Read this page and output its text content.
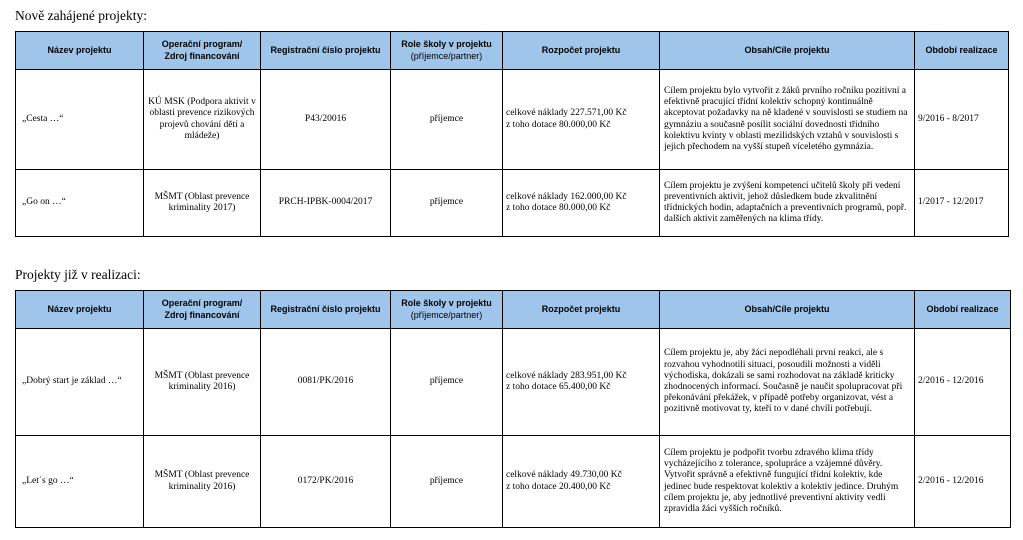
Nově zahájené projekty:
Název projektu	Operační program/
Zdroj financování	Registrační číslo projektu	Role školy v projektu
(příjemce/partner)	Rozpočet projektu	Obsah/Cíle projektu	Období realizace
„Cesta …“	KÚ MSK (Podpora aktivit v oblasti prevence rizikových projevů chování dětí a mládeže)	P43/20016	příjemce	celkové náklady 227.571,00 Kč
z toho dotace 80.000,00 Kč	Cílem projektu bylo vytvořit z žáků prvního ročníku pozitivní a efektivně pracující třídní kolektiv schopný kontinuálně akceptovat požadavky na ně kladené v souvislosti se studiem na gymnáziu a současně posílit sociální dovednosti třídního kolektivu kvinty v oblasti mezilidských vztahů v souvislosti s jejich přechodem na vyšší stupeň víceletého gymnázia.	9/2016 - 8/2017
„Go on …“	MŠMT (Oblast prevence kriminality 2017)	PRCH-IPBK-0004/2017	příjemce	celkové náklady 162.000,00 Kč
z toho dotace 80.000,00 Kč	Cílem projektu je zvýšení kompetencí učitelů školy při vedení preventivních aktivit, jehož důsledkem bude zkvalitnění třídnických hodin, adaptačních a preventivních programů, popř. dalších aktivit zaměřených na klima třídy.	1/2017 - 12/2017
Projekty již v realizaci:
Název projektu	Operační program/
Zdroj financování	Registrační číslo projektu	Role školy v projektu
(příjemce/partner)	Rozpočet projektu	Obsah/Cíle projektu	Období realizace
„Dobrý start je základ …“	MŠMT (Oblast prevence kriminality 2016)	0081/PK/2016	příjemce	celkové náklady 283.951,00 Kč
z toho dotace 65.400,00 Kč	Cílem projektu je, aby žáci nepodléhali první reakci, ale s rozvahou vyhodnotili situaci, posoudili možnosti a viděli východiska, dokázali se sami rozhodovat na základě kriticky zhodnocených informací. Současně je naučit spolupracovat při překonávání překážek, v případě potřeby organizovat, vést a pozitivně motivovat ty, kteří to v dané chvíli potřebují.	2/2016 - 12/2016
„Let´s go …“	MŠMT (Oblast prevence kriminality 2016)	0172/PK/2016	příjemce	celkové náklady 49.730,00 Kč
z toho dotace 20.400,00 Kč	Cílem projektu je podpořit tvorbu zdravého klima třídy vycházejícího z tolerance, spolupráce a vzájemné důvěry. Vytvořit správně a efektivně fungující třídní kolektiv, kde jedinec bude respektovat kolektiv a kolektiv jedince. Druhým cílem projektu je, aby jednotlivé preventivní aktivity vedli zpravidla žáci vyšších ročníků.	2/2016 - 12/2016
